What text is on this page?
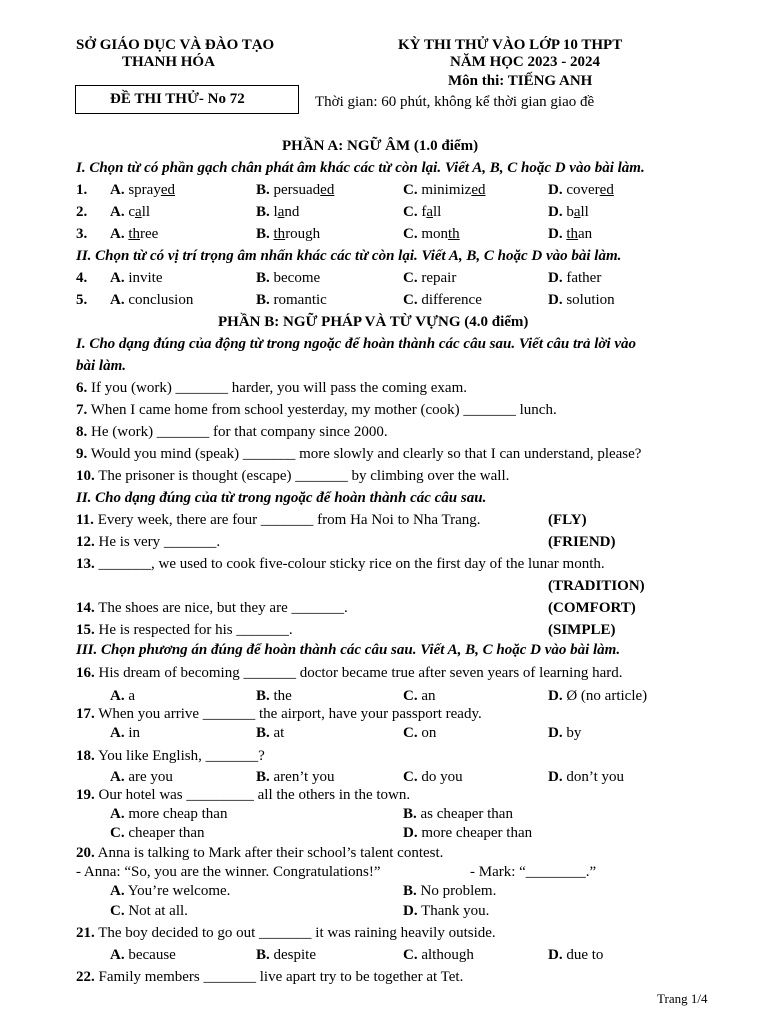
SỞ GIÁO DỤC VÀ ĐÀO TẠO
THANH HÓA
KỲ THI THỬ VÀO LỚP 10 THPT
NĂM HỌC 2023 - 2024
Môn thi: TIẾNG ANH
ĐỀ THI THỬ- No 72	Thời gian: 60 phút, không kể thời gian giao đề
PHẦN A: NGỮ ÂM (1.0 điểm)
I. Chọn từ có phần gạch chân phát âm khác các từ còn lại. Viết A, B, C hoặc D vào bài làm.
1. A. sprayed	B. persuaded	C. minimized	D. covered
2. A. call	B. land	C. fall	D. ball
3. A. three	B. through	C. month	D. than
II. Chọn từ có vị trí trọng âm nhấn khác các từ còn lại. Viết A, B, C hoặc D vào bài làm.
4. A. invite	B. become	C. repair	D. father
5. A. conclusion	B. romantic	C. difference	D. solution
PHẦN B: NGỮ PHÁP VÀ TỪ VỰNG (4.0 điểm)
I. Cho dạng đúng của động từ trong ngoặc để hoàn thành các câu sau. Viết câu trả lời vào
bài làm.
6. If you (work) _______ harder, you will pass the coming exam.
7. When I came home from school yesterday, my mother (cook) _______ lunch.
8. He (work) _______ for that company since 2000.
9. Would you mind (speak) _______ more slowly and clearly so that I can understand, please?
10. The prisoner is thought (escape) _______ by climbing over the wall.
II. Cho dạng đúng của từ trong ngoặc để hoàn thành các câu sau.
11. Every week, there are four _______ from Ha Noi to Nha Trang.	(FLY)
12. He is very _______.	(FRIEND)
13. _______, we used to cook five-colour sticky rice on the first day of the lunar month.
(TRADITION)
14. The shoes are nice, but they are _______.	(COMFORT)
15. He is respected for his _______.	(SIMPLE)
III. Chọn phương án đúng để hoàn thành các câu sau. Viết A, B, C hoặc D vào bài làm.
16. His dream of becoming _______ doctor became true after seven years of learning hard.
A. a	B. the	C. an	D. Ø (no article)
17. When you arrive _______ the airport, have your passport ready.
A. in	B. at	C. on	D. by
18. You like English, _______?
A. are you	B. aren’t you	C. do you	D. don’t you
19. Our hotel was _________ all the others in the town.
A. more cheap than	B. as cheaper than
C. cheaper than	D. more cheaper than
20. Anna is talking to Mark after their school’s talent contest.
- Anna: “So, you are the winner. Congratulations!”	- Mark: “________.”
A. You’re welcome.	B. No problem.
C. Not at all.	D. Thank you.
21. The boy decided to go out _______ it was raining heavily outside.
A. because	B. despite	C. although	D. due to
22. Family members _______ live apart try to be together at Tet.
Trang 1/4
